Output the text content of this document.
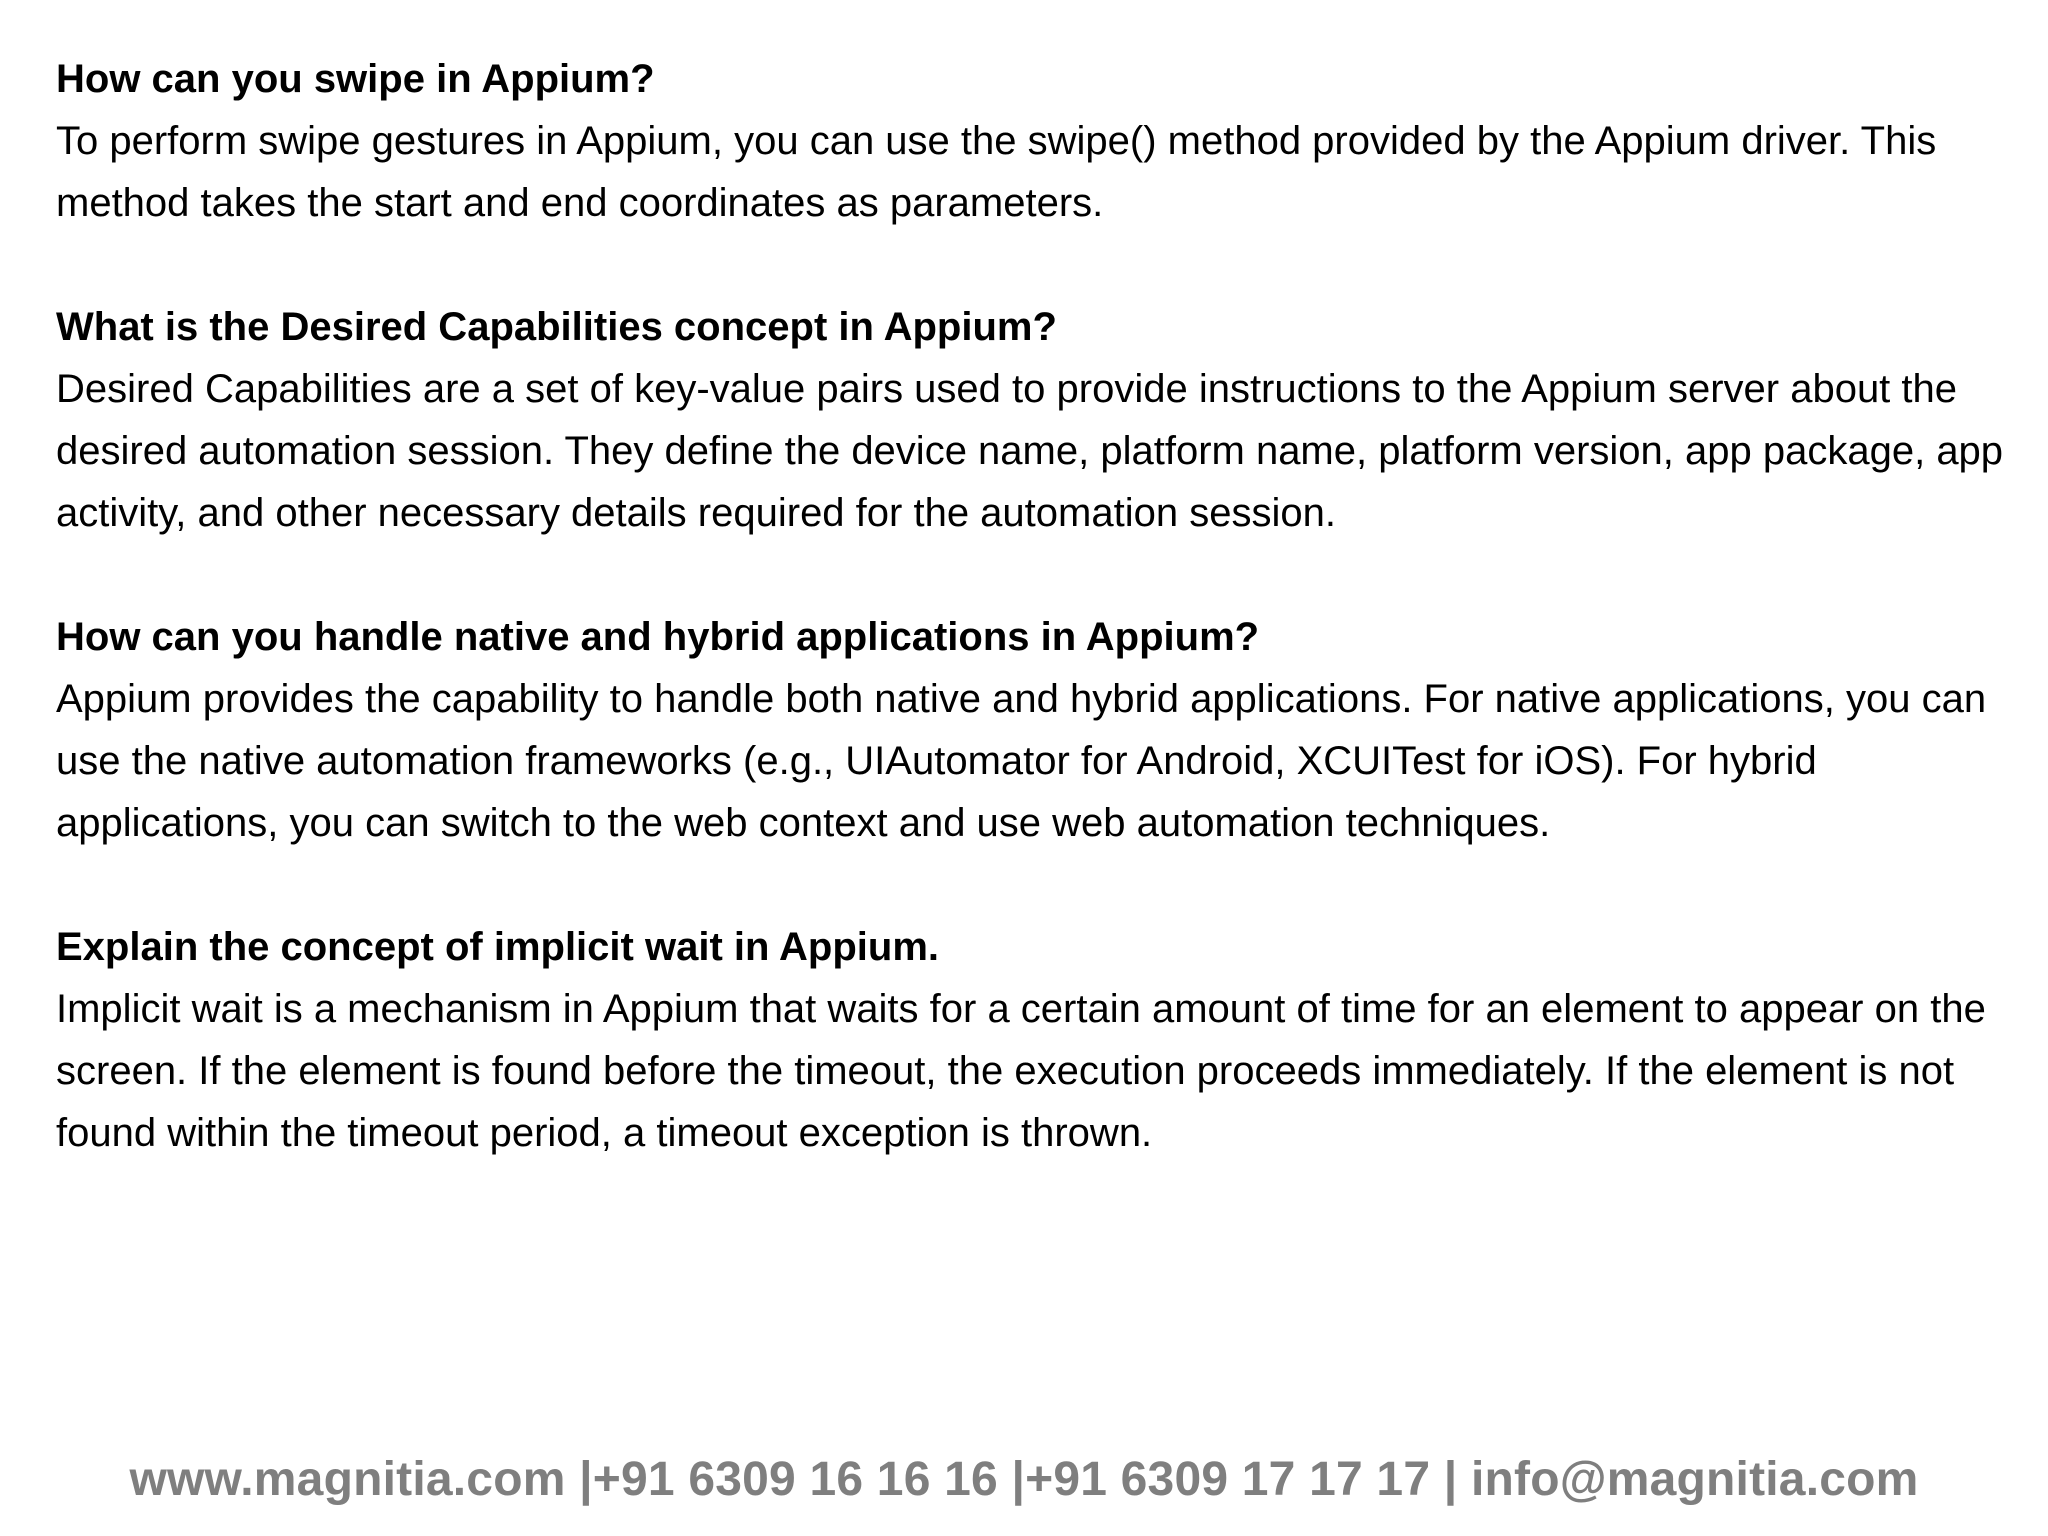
How can you swipe in Appium?

To perform swipe gestures in Appium, you can use the swipe() method provided by the Appium driver. This method takes the start and end coordinates as parameters.

What is the Desired Capabilities concept in Appium?

Desired Capabilities are a set of key-value pairs used to provide instructions to the Appium server about the desired automation session. They define the device name, platform name, platform version, app package, app activity, and other necessary details required for the automation session.

How can you handle native and hybrid applications in Appium?

Appium provides the capability to handle both native and hybrid applications. For native applications, you can use the native automation frameworks (e.g., UIAutomator for Android, XCUITest for iOS). For hybrid applications, you can switch to the web context and use web automation techniques.

Explain the concept of implicit wait in Appium.

Implicit wait is a mechanism in Appium that waits for a certain amount of time for an element to appear on the screen. If the element is found before the timeout, the execution proceeds immediately. If the element is not found within the timeout period, a timeout exception is thrown.

www.magnitia.com |+91 6309 16 16 16 |+91 6309 17 17 17 | info@magnitia.com
